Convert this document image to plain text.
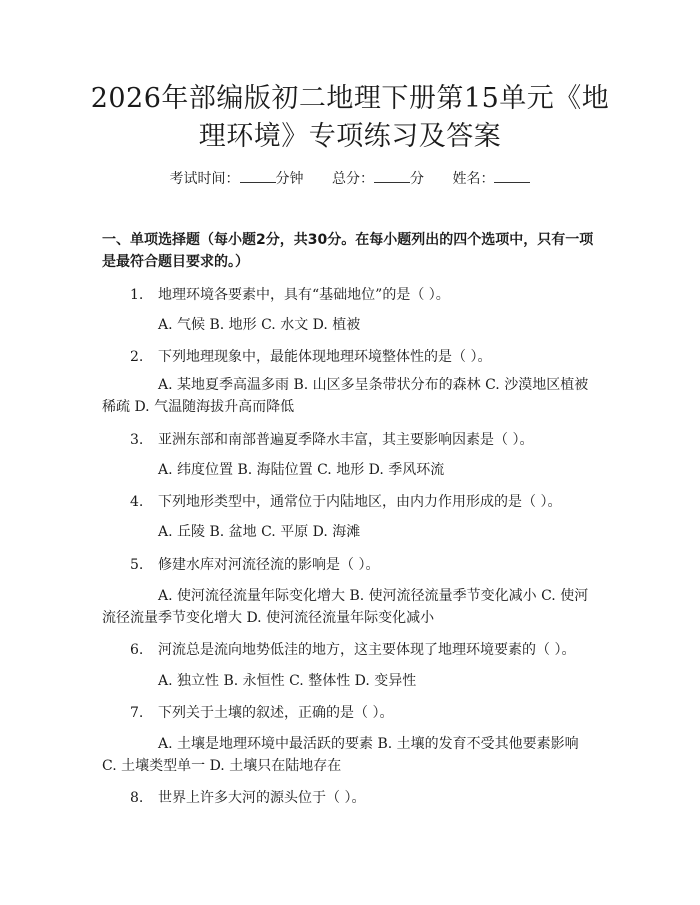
2026年部编版初二地理下册第15单元《地理环境》专项练习及答案
考试时间：	分钟 总分：	分 姓名：
一、单项选择题（每小题2分，共30分。在每小题列出的四个选项中，只有一项是最符合题目要求的。）
1. 地理环境各要素中，具有“基础地位”的是（ ）。
A. 气候 B. 地形 C. 水文 D. 植被
2. 下列地理现象中，最能体现地理环境整体性的是（ ）。
A. 某地夏季高温多雨 B. 山区多呈条带状分布的森林 C. 沙漠地区植被稀疏 D. 气温随海拔升高而降低
3. 亚洲东部和南部普遍夏季降水丰富，其主要影响因素是（ ）。
A. 纬度位置 B. 海陆位置 C. 地形 D. 季风环流
4. 下列地形类型中，通常位于内陆地区，由内力作用形成的是（ ）。
A. 丘陵 B. 盆地 C. 平原 D. 海滩
5. 修建水库对河流径流的影响是（ ）。
A. 使河流径流量年际变化增大 B. 使河流径流量季节变化减小 C. 使河流径流量季节变化增大 D. 使河流径流量年际变化减小
6. 河流总是流向地势低洼的地方，这主要体现了地理环境要素的（ ）。
A. 独立性 B. 永恒性 C. 整体性 D. 变异性
7. 下列关于土壤的叙述，正确的是（ ）。
A. 土壤是地理环境中最活跃的要素 B. 土壤的发育不受其他要素影响 C. 土壤类型单一 D. 土壤只在陆地存在
8. 世界上许多大河的源头位于（ ）。
